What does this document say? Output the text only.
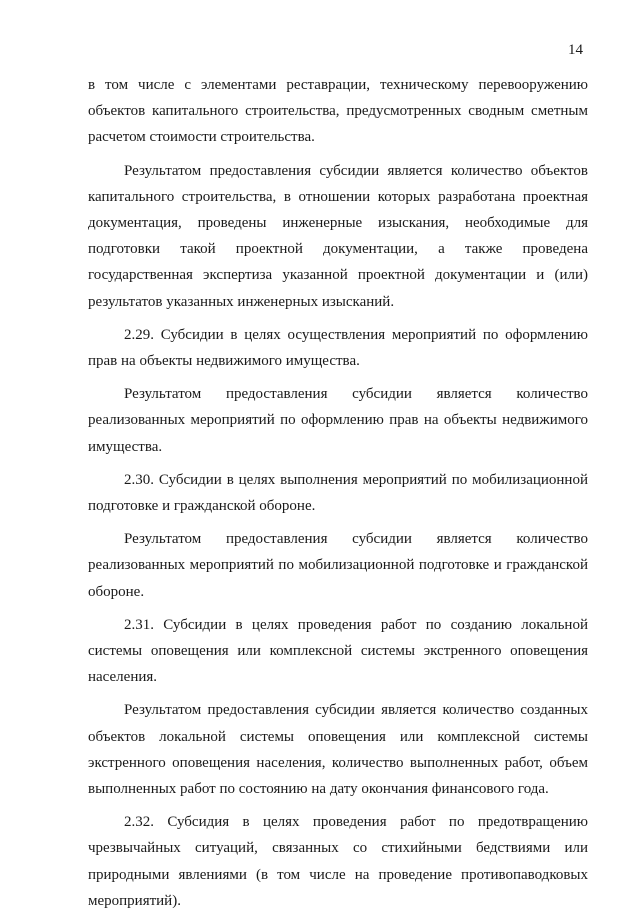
14

в том числе с элементами реставрации, техническому перевооружению объектов капитального строительства, предусмотренных сводным сметным расчетом стоимости строительства.

Результатом предоставления субсидии является количество объектов капитального строительства, в отношении которых разработана проектная документация, проведены инженерные изыскания, необходимые для подготовки такой проектной документации, а также проведена государственная экспертиза указанной проектной документации и (или) результатов указанных инженерных изысканий.

2.29. Субсидии в целях осуществления мероприятий по оформлению прав на объекты недвижимого имущества.

Результатом предоставления субсидии является количество реализованных мероприятий по оформлению прав на объекты недвижимого имущества.

2.30. Субсидии в целях выполнения мероприятий по мобилизационной подготовке и гражданской обороне.

Результатом предоставления субсидии является количество реализованных мероприятий по мобилизационной подготовке и гражданской обороне.

2.31. Субсидии в целях проведения работ по созданию локальной системы оповещения или комплексной системы экстренного оповещения населения.

Результатом предоставления субсидии является количество созданных объектов локальной системы оповещения или комплексной системы экстренного оповещения населения, количество выполненных работ, объем выполненных работ по состоянию на дату окончания финансового года.

2.32. Субсидия в целях проведения работ по предотвращению чрезвычайных ситуаций, связанных со стихийными бедствиями или природными явлениями (в том числе на проведение противопаводковых мероприятий).
